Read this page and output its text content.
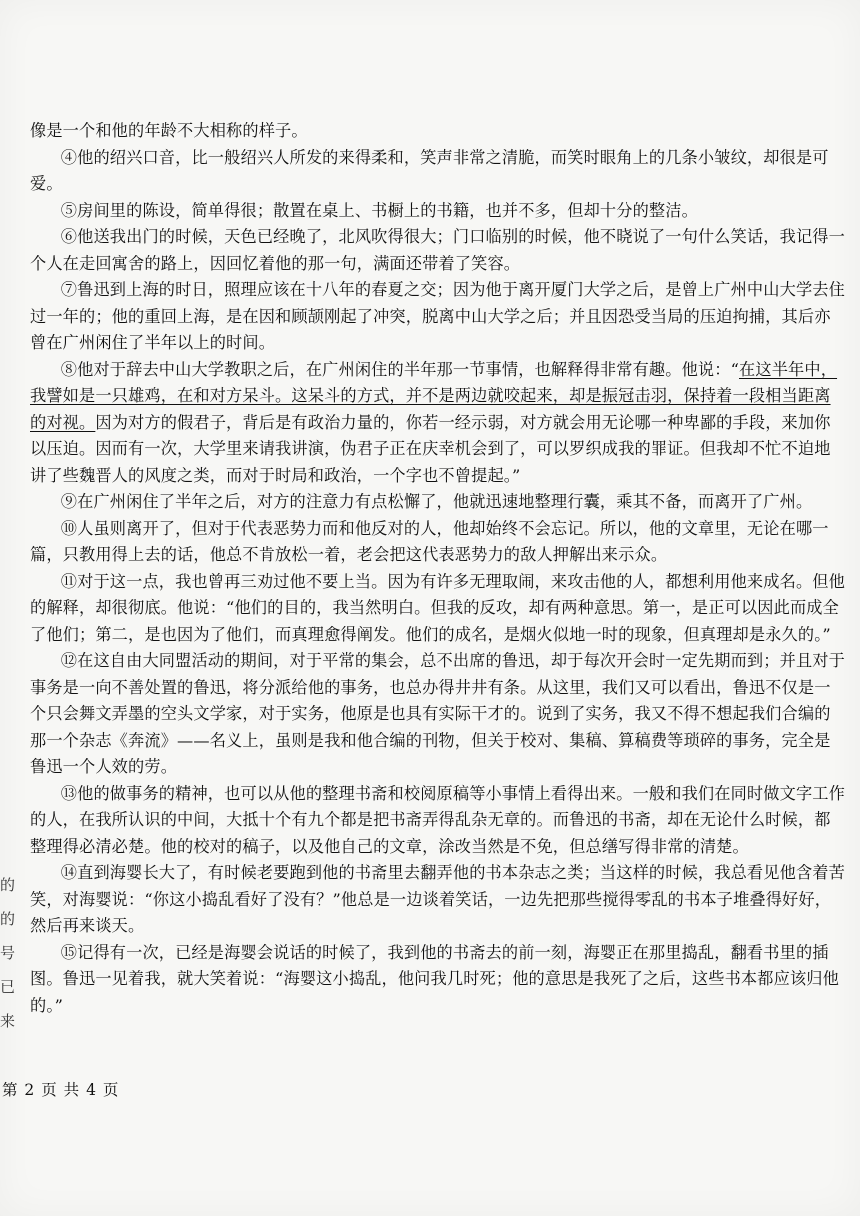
像是一个和他的年龄不大相称的样子。

④他的绍兴口音，比一般绍兴人所发的来得柔和，笑声非常之清脆，而笑时眼角上的几条小皱纹，却很是可爱。

⑤房间里的陈设，简单得很；散置在桌上、书橱上的书籍，也并不多，但却十分的整洁。

⑥他送我出门的时候，天色已经晚了，北风吹得很大；门口临别的时候，他不晓说了一句什么笑话，我记得一个人在走回寓舍的路上，因回忆着他的那一句，满面还带着了笑容。

⑦鲁迅到上海的时日，照理应该在十八年的春夏之交；因为他于离开厦门大学之后，是曾上广州中山大学去住过一年的；他的重回上海，是在因和顾颉刚起了冲突，脱离中山大学之后；并且因恐受当局的压迫拘捕，其后亦曾在广州闲住了半年以上的时间。

⑧他对于辞去中山大学教职之后，在广州闲住的半年那一节事情，也解释得非常有趣。他说：“在这半年中，我譬如是一只雄鸡，在和对方呆斗。这呆斗的方式，并不是两边就咬起来，却是振冠击羽，保持着一段相当距离的对视。因为对方的假君子，背后是有政治力量的，你若一经示弱，对方就会用无论哪一种卑鄙的手段，来加你以压迫。因而有一次，大学里来请我讲演，伪君子正在庆幸机会到了，可以罗织成我的罪证。但我却不忙不迫地讲了些魏晋人的风度之类，而对于时局和政治，一个字也不曾提起。”

⑨在广州闲住了半年之后，对方的注意力有点松懈了，他就迅速地整理行囊，乘其不备，而离开了广州。

⑩人虽则离开了，但对于代表恶势力而和他反对的人，他却始终不会忘记。所以，他的文章里，无论在哪一篇，只教用得上去的话，他总不肯放松一着，老会把这代表恶势力的敌人押解出来示众。

⑪对于这一点，我也曾再三劝过他不要上当。因为有许多无理取闹，来攻击他的人，都想利用他来成名。但他的解释，却很彻底。他说：“他们的目的，我当然明白。但我的反攻，却有两种意思。第一，是正可以因此而成全了他们；第二，是也因为了他们，而真理愈得阐发。他们的成名，是烟火似地一时的现象，但真理却是永久的。”

⑫在这自由大同盟活动的期间，对于平常的集会，总不出席的鲁迅，却于每次开会时一定先期而到；并且对于事务是一向不善处置的鲁迅，将分派给他的事务，也总办得井井有条。从这里，我们又可以看出，鲁迅不仅是一个只会舞文弄墨的空头文学家，对于实务，他原是也具有实际干才的。说到了实务，我又不得不想起我们合编的那一个杂志《奔流》——名义上，虽则是我和他合编的刊物，但关于校对、集稿、算稿费等琐碎的事务，完全是鲁迅一个人效的劳。

⑬他的做事务的精神，也可以从他的整理书斋和校阅原稿等小事情上看得出来。一般和我们在同时做文字工作的人，在我所认识的中间，大抵十个有九个都是把书斋弄得乱杂无章的。而鲁迅的书斋，却在无论什么时候，都整理得必清必楚。他的校对的稿子，以及他自己的文章，涂改当然是不免，但总缮写得非常的清楚。

⑭直到海婴长大了，有时候老要跑到他的书斋里去翻弄他的书本杂志之类；当这样的时候，我总看见他含着苦笑，对海婴说：“你这小捣乱看好了没有？”他总是一边谈着笑话，一边先把那些搅得零乱的书本子堆叠得好好，然后再来谈天。

⑮记得有一次，已经是海婴会说话的时候了，我到他的书斋去的前一刻，海婴正在那里捣乱，翻看书里的插图。鲁迅一见着我，就大笑着说：“海婴这小捣乱，他问我几时死；他的意思是我死了之后，这些书本都应该归他的。”

的
的
号
已
来
第 2 页 共 4 页
